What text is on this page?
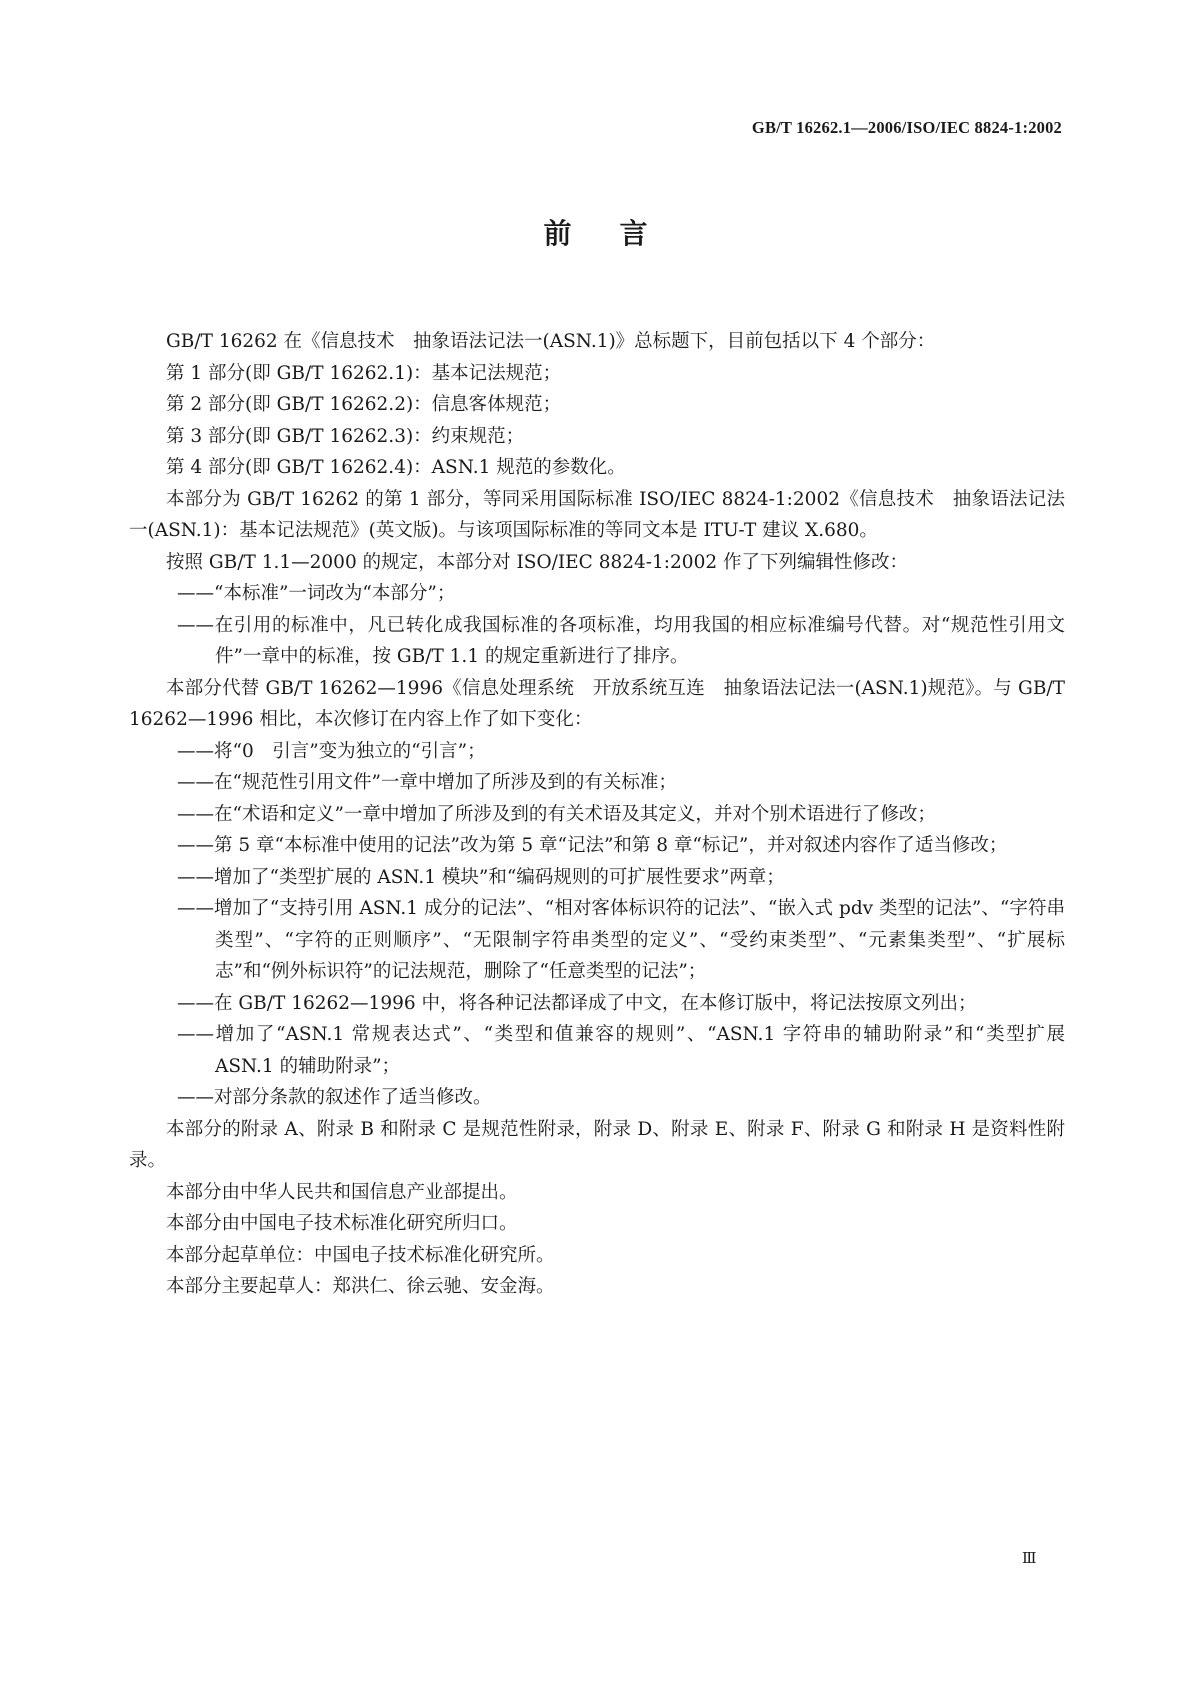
GB/T 16262.1—2006/ISO/IEC 8824-1:2002
前言

GB/T 16262 在《信息技术　抽象语法记法一(ASN.1)》总标题下，目前包括以下 4 个部分：

第 1 部分(即 GB/T 16262.1)：基本记法规范；

第 2 部分(即 GB/T 16262.2)：信息客体规范；

第 3 部分(即 GB/T 16262.3)：约束规范；

第 4 部分(即 GB/T 16262.4)：ASN.1 规范的参数化。

本部分为 GB/T 16262 的第 1 部分，等同采用国际标准 ISO/IEC 8824-1:2002《信息技术　抽象语法记法一(ASN.1)：基本记法规范》(英文版)。与该项国际标准的等同文本是 ITU-T 建议 X.680。

按照 GB/T 1.1—2000 的规定，本部分对 ISO/IEC 8824-1:2002 作了下列编辑性修改：

——“本标准”一词改为“本部分”；

——在引用的标准中，凡已转化成我国标准的各项标准，均用我国的相应标准编号代替。对“规范性引用文件”一章中的标准，按 GB/T 1.1 的规定重新进行了排序。

本部分代替 GB/T 16262—1996《信息处理系统　开放系统互连　抽象语法记法一(ASN.1)规范》。与 GB/T 16262—1996 相比，本次修订在内容上作了如下变化：

——将“0　引言”变为独立的“引言”；

——在“规范性引用文件”一章中增加了所涉及到的有关标准；

——在“术语和定义”一章中增加了所涉及到的有关术语及其定义，并对个别术语进行了修改；

——第 5 章“本标准中使用的记法”改为第 5 章“记法”和第 8 章“标记”，并对叙述内容作了适当修改；

——增加了“类型扩展的 ASN.1 模块”和“编码规则的可扩展性要求”两章；

——增加了“支持引用 ASN.1 成分的记法”、“相对客体标识符的记法”、“嵌入式 pdv 类型的记法”、“字符串类型”、“字符的正则顺序”、“无限制字符串类型的定义”、“受约束类型”、“元素集类型”、“扩展标志”和“例外标识符”的记法规范，删除了“任意类型的记法”；

——在 GB/T 16262—1996 中，将各种记法都译成了中文，在本修订版中，将记法按原文列出；

——增加了“ASN.1 常规表达式”、“类型和值兼容的规则”、“ASN.1 字符串的辅助附录”和“类型扩展 ASN.1 的辅助附录”；

——对部分条款的叙述作了适当修改。

本部分的附录 A、附录 B 和附录 C 是规范性附录，附录 D、附录 E、附录 F、附录 G 和附录 H 是资料性附录。

本部分由中华人民共和国信息产业部提出。

本部分由中国电子技术标准化研究所归口。

本部分起草单位：中国电子技术标准化研究所。

本部分主要起草人：郑洪仁、徐云驰、安金海。

Ⅲ
